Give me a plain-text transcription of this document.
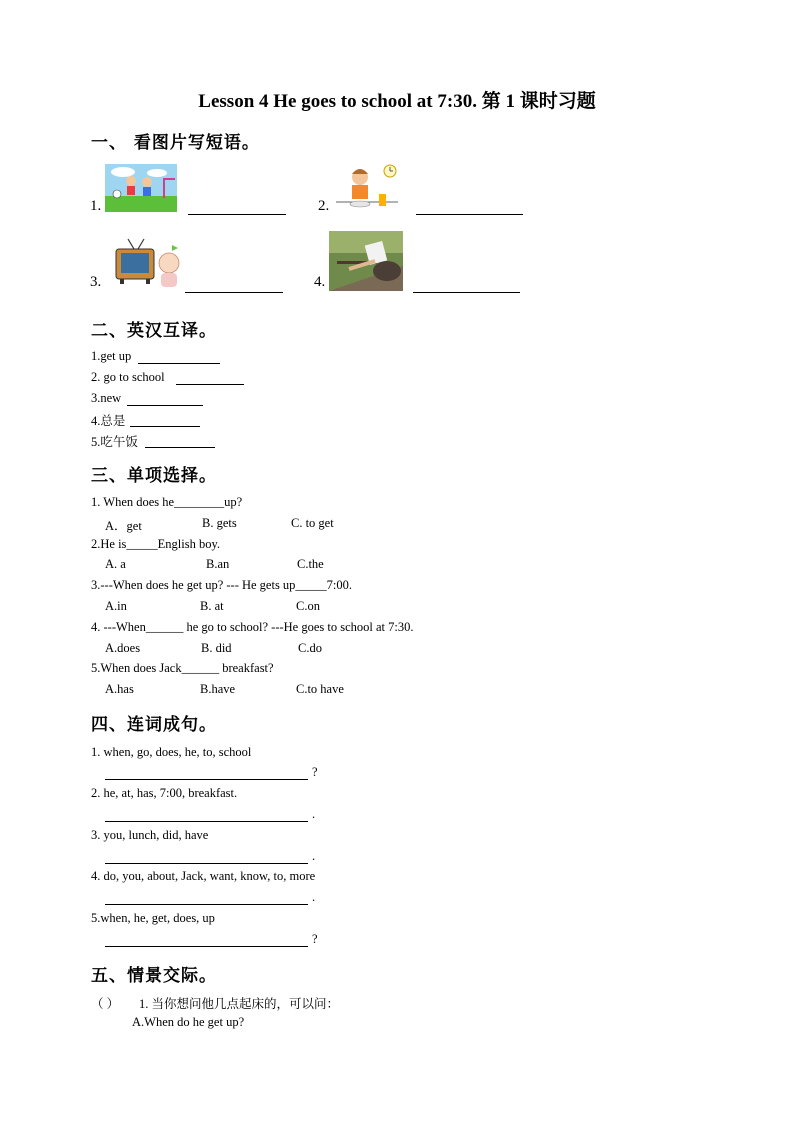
Lesson 4 He goes to school at 7:30. 第 1 课时习题
一、 看图片写短语。
1.	2.
3.	4.
二、英汉互译。
1.get up
2. go to school
3.new
4.总是
5.吃午饭
三、单项选择。
1. When does he________up?
A．get	B. gets	C. to get
2.He is_____English boy.
A. a	B.an	C.the
3.---When does he get up? --- He gets up_____7:00.
A.in	B. at	C.on
4. ---When______ he go to school? ---He goes to school at 7:30.
A.does	B. did	C.do
5.When does Jack______ breakfast?
A.has	B.have	C.to have
四、连词成句。
1. when, go, does, he, to, school
?
2. he, at, has, 7:00, breakfast.
.
3. you, lunch, did, have
.
4. do, you, about, Jack, want, know, to, more
.
5.when, he, get, does, up
?
五、情景交际。
（ ） 1. 当你想问他几点起床的，可以问：
A.When do he get up?
